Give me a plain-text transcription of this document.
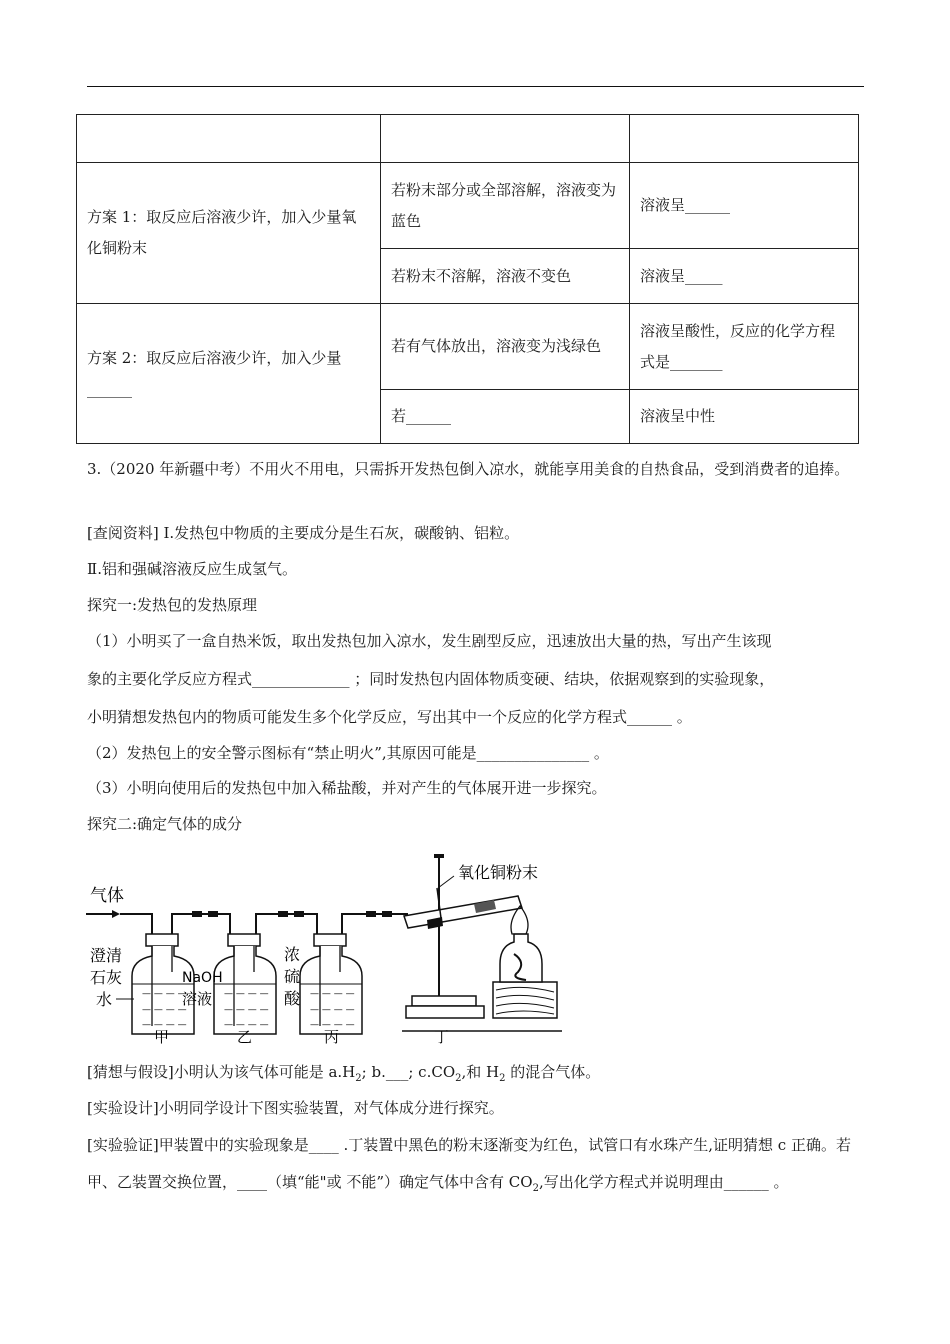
方案 1：取反应后溶液少许，加入少量氧化铜粉末	若粉末部分或全部溶解，溶液变为蓝色	溶液呈______
	若粉末不溶解，溶液不变色	溶液呈_____
方案 2：取反应后溶液少许，加入少量______	若有气体放出，溶液变为浅绿色	溶液呈酸性，反应的化学方程式是_______
	若______	溶液呈中性
3.（2020 年新疆中考）不用火不用电，只需拆开发热包倒入凉水，就能享用美食的自热食品，受到消费者的追捧。
[查阅资料] Ⅰ.发热包中物质的主要成分是生石灰，碳酸钠、铝粒。
Ⅱ.铝和强碱溶液反应生成氢气。
探究一:发热包的发热原理
（1）小明买了一盒自热米饭，取出发热包加入凉水，发生剧型反应，迅速放出大量的热，写出产生该现
象的主要化学反应方程式_____________ ；同时发热包内固体物质变硬、结块，依据观察到的实验现象，
小明猜想发热包内的物质可能发生多个化学反应，写出其中一个反应的化学方程式______ 。
（2）发热包上的安全警示图标有“禁止明火”,其原因可能是_______________ 。
（3）小明向使用后的发热包中加入稀盐酸，并对产生的气体展开进一步探究。
探究二:确定气体的成分
气体
— — — —
— — — —
— — — —
— — — —
— — — —
— — — —
— — — —
— — — —
— — — —
氧化铜粉末
澄清
石灰
水
NaOH
溶液
浓
硫
酸
甲	乙	丙	丁
[猜想与假设]小明认为该气体可能是 $a.H_2$; b.___; $c.CO_2$,和 $H_2$ 的混合气体。
[实验设计]小明同学设计下图实验装置，对气体成分进行探究。
[实验验证]甲装置中的实验现象是____ .丁装置中黑色的粉末逐渐变为红色，试管口有水珠产生,证明猜想 c 正确。若甲、乙装置交换位置，____（填“能"或 不能”）确定气体中含有 $CO_2$,写出化学方程式并说明理由______ 。
